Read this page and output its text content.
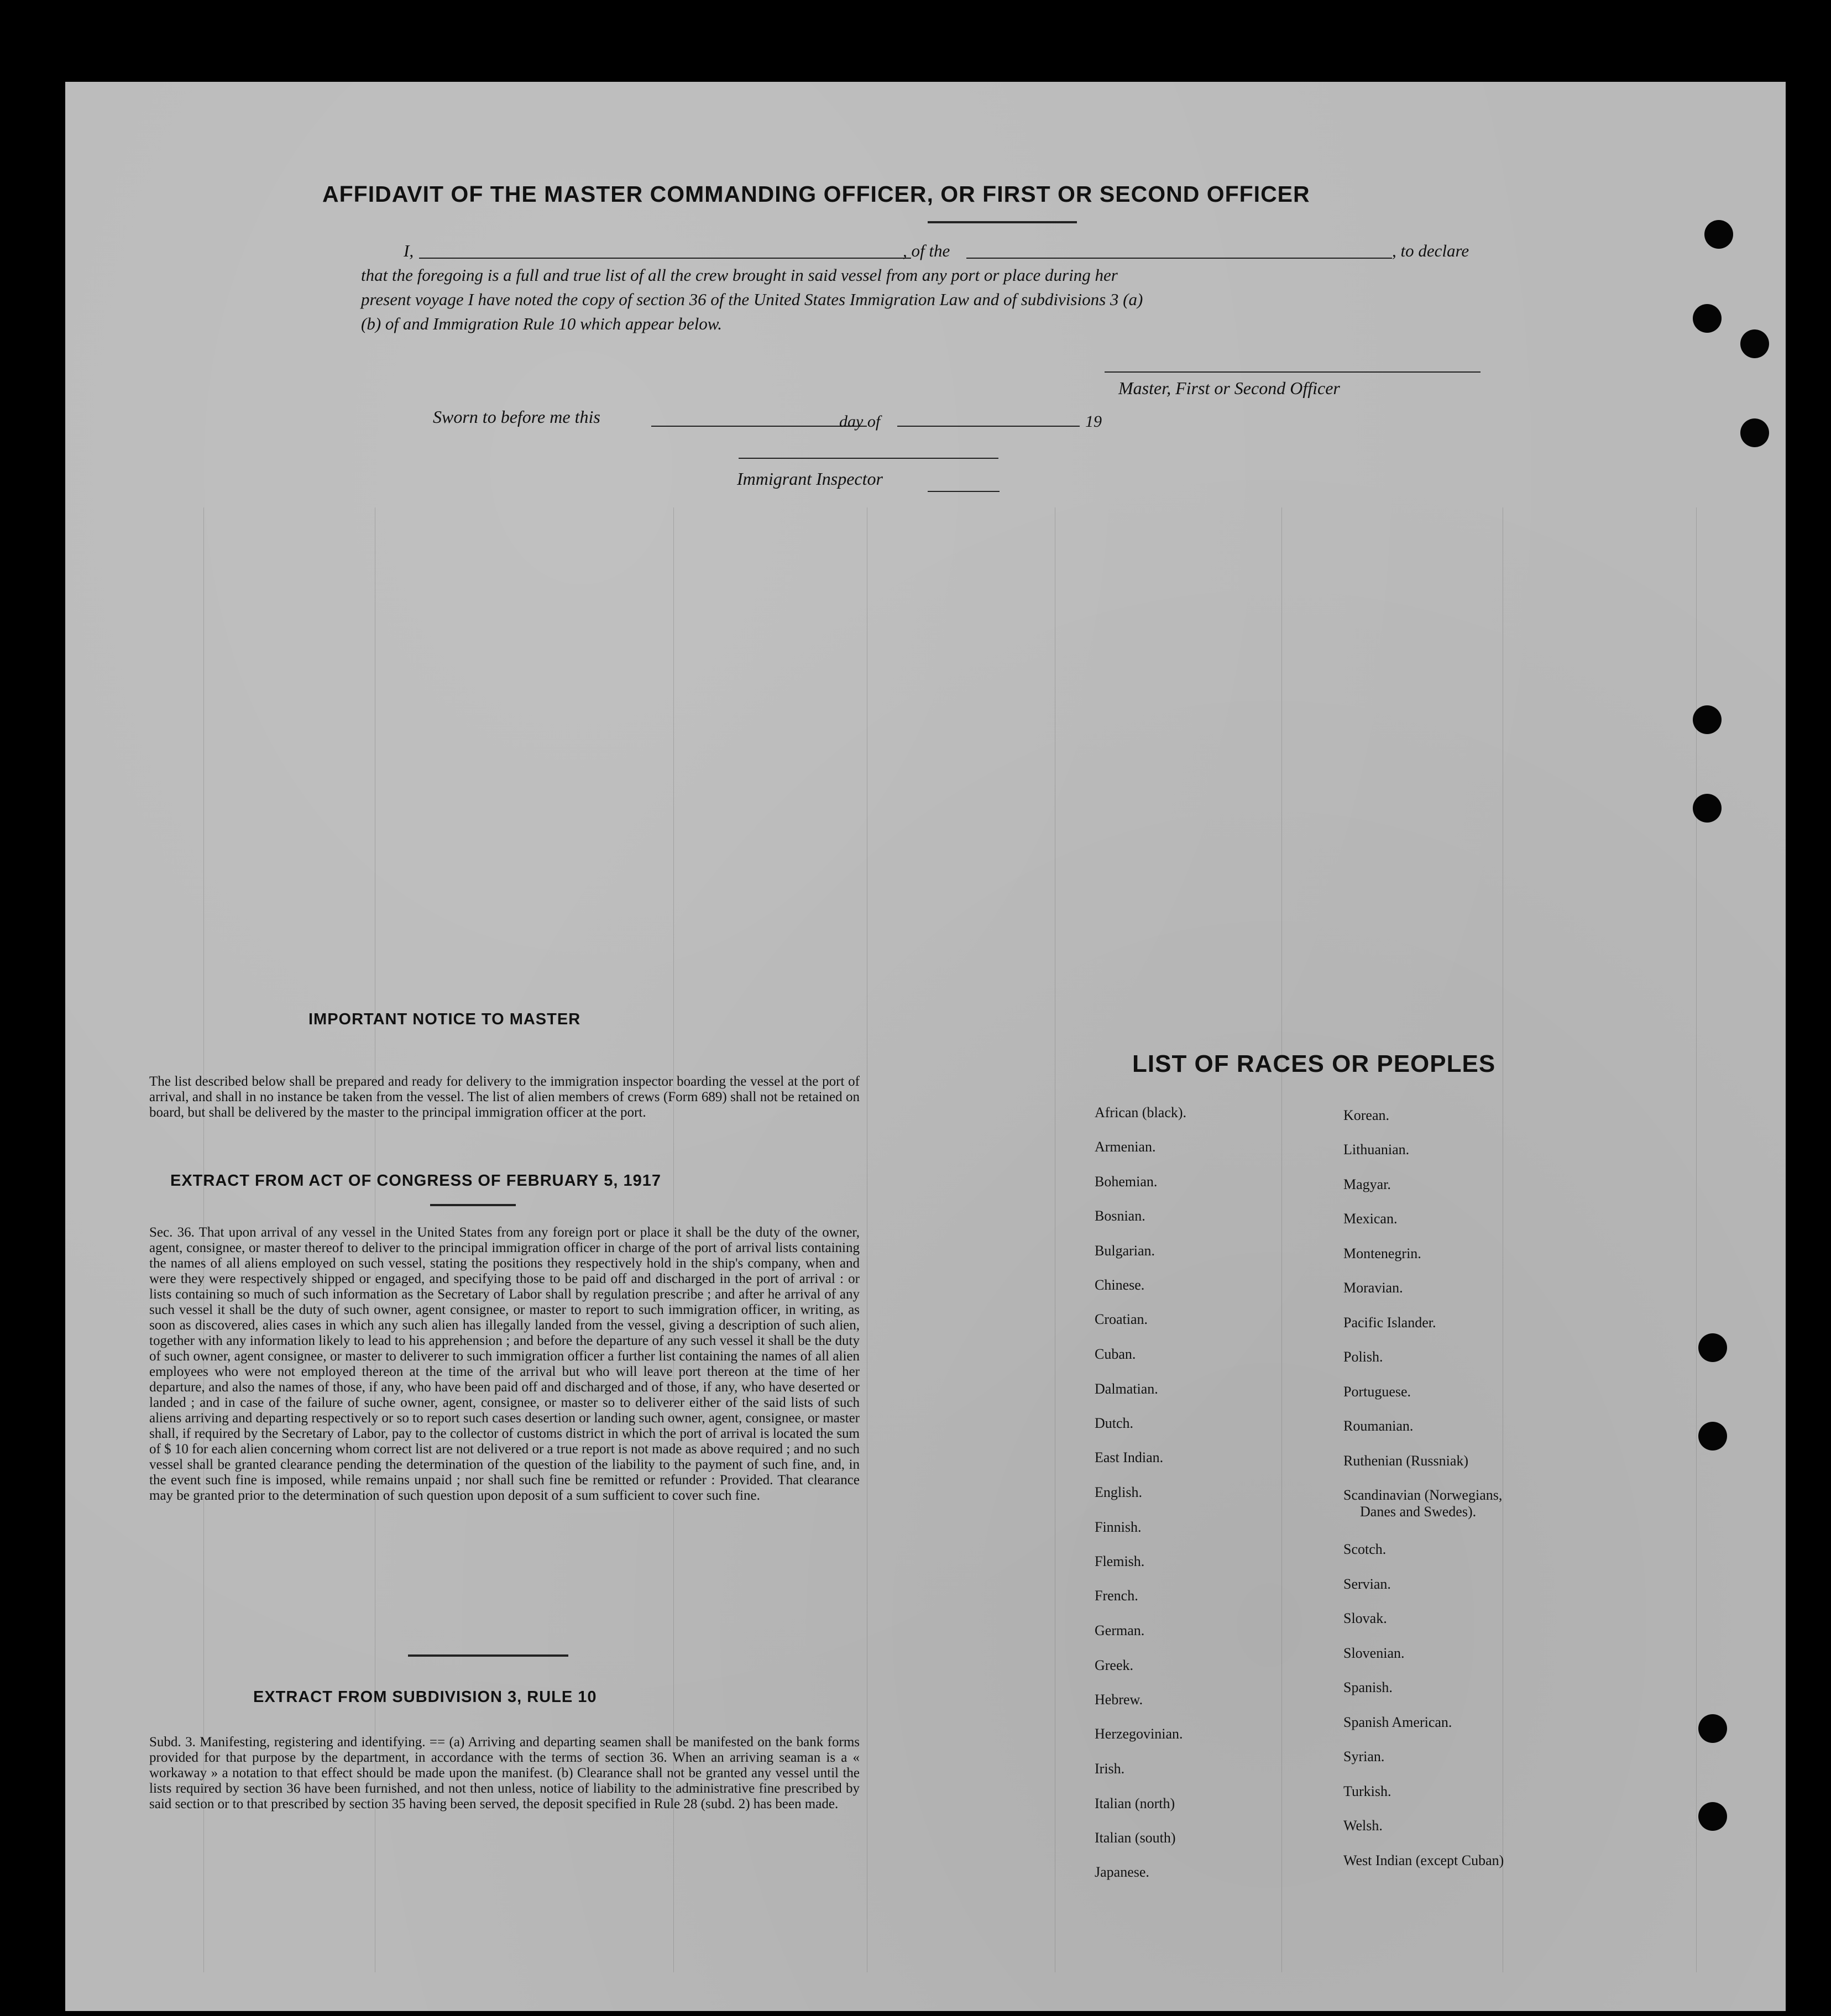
AFFIDAVIT OF THE MASTER COMMANDING OFFICER, OR FIRST OR SECOND OFFICER
I,	, of the	, to declare
that the foregoing is a full and true list of all the crew brought in said vessel from any port or place during her
present voyage I have noted the copy of section 36 of the United States Immigration Law and of subdivisions 3 (a)
(b) of and Immigration Rule 10 which appear below.
Master, First or Second Officer
Sworn to before me this	day of	19
Immigrant Inspector
IMPORTANT NOTICE TO MASTER
The list described below shall be prepared and ready for delivery to the immigration inspector boarding the vessel at the port of arrival, and shall in no instance be taken from the vessel. The list of alien members of crews (Form 689) shall not be retained on board, but shall be delivered by the master to the principal immigration officer at the port.
EXTRACT FROM ACT OF CONGRESS OF FEBRUARY 5, 1917
Sec. 36. That upon arrival of any vessel in the United States from any foreign port or place it shall be the duty of the owner, agent, consignee, or master thereof to deliver to the principal immigration officer in charge of the port of arrival lists containing the names of all aliens employed on such vessel, stating the positions they respectively hold in the ship's company, when and were they were respectively shipped or engaged, and specifying those to be paid off and discharged in the port of arrival : or lists containing so much of such information as the Secretary of Labor shall by regulation prescribe ; and after he arrival of any such vessel it shall be the duty of such owner, agent consignee, or master to report to such immigration officer, in writing, as soon as discovered, alies cases in which any such alien has illegally landed from the vessel, giving a description of such alien, together with any information likely to lead to his apprehension ; and before the departure of any such vessel it shall be the duty of such owner, agent consignee, or master to deliverer to such immigration officer a further list containing the names of all alien employees who were not employed thereon at the time of the arrival but who will leave port thereon at the time of her departure, and also the names of those, if any, who have been paid off and discharged and of those, if any, who have deserted or landed ; and in case of the failure of suche owner, agent, consignee, or master so to deliverer either of the said lists of such aliens arriving and departing respectively or so to report such cases desertion or landing such owner, agent, consignee, or master shall, if required by the Secretary of Labor, pay to the collector of customs district in which the port of arrival is located the sum of $ 10 for each alien concerning whom correct list are not delivered or a true report is not made as above required ; and no such vessel shall be granted clearance pending the determination of the question of the liability to the payment of such fine, and, in the event such fine is imposed, while remains unpaid ; nor shall such fine be remitted or refunder : Provided. That clearance may be granted prior to the determination of such question upon deposit of a sum sufficient to cover such fine.
EXTRACT FROM SUBDIVISION 3, RULE 10
Subd. 3. Manifesting, registering and identifying. == (a) Arriving and departing seamen shall be manifested on the bank forms provided for that purpose by the department, in accordance with the terms of section 36. When an arriving seaman is a « workaway » a notation to that effect should be made upon the manifest. (b) Clearance shall not be granted any vessel until the lists required by section 36 have been furnished, and not then unless, notice of liability to the administrative fine prescribed by said section or to that prescribed by section 35 having been served, the deposit specified in Rule 28 (subd. 2) has been made.
LIST OF RACES OR PEOPLES
African (black).
Armenian.
Bohemian.
Bosnian.
Bulgarian.
Chinese.
Croatian.
Cuban.
Dalmatian.
Dutch.
East Indian.
English.
Finnish.
Flemish.
French.
German.
Greek.
Hebrew.
Herzegovinian.
Irish.
Italian (north)
Italian (south)
Japanese.
Korean.
Lithuanian.
Magyar.
Mexican.
Montenegrin.
Moravian.
Pacific Islander.
Polish.
Portuguese.
Roumanian.
Ruthenian (Russniak)
Scandinavian (Norwegians,
Danes and Swedes).
Scotch.
Servian.
Slovak.
Slovenian.
Spanish.
Spanish American.
Syrian.
Turkish.
Welsh.
West Indian (except Cuban)
